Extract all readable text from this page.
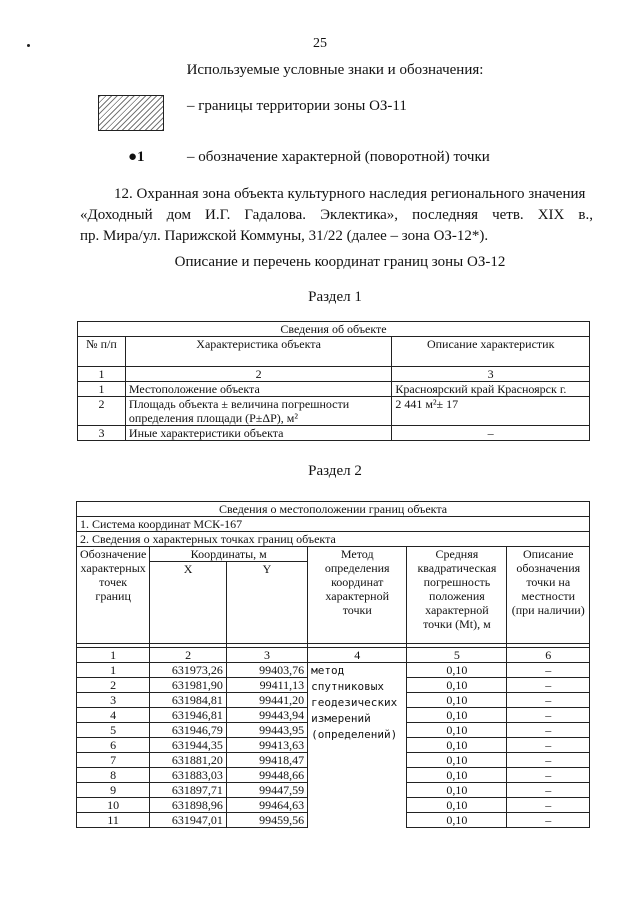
25
Используемые условные знаки и обозначения:
– границы территории зоны ОЗ-11
●1	– обозначение характерной (поворотной) точки
12. Охранная зона объекта культурного наследия регионального значения
«Доходный дом И.Г. Гадалова. Эклектика», последняя четв. XIX в.,
пр. Мира/ул. Парижской Коммуны, 31/22 (далее – зона ОЗ-12*).
Описание и перечень координат границ зоны ОЗ-12
Раздел 1
Сведения об объекте		
№ п/п	Характеристика объекта	Описание характеристик
1	2	3
1	Местоположение объекта	Красноярский край Красноярск г.
2	Площадь объекта ± величина погрешности определения площади (P±ΔP), м²	2 441 м²± 17
3	Иные характеристики объекта	–
Раздел 2
Сведения о местоположении границ объекта					
1. Система координат МСК-167					
2. Сведения о характерных точках границ объекта					
Обозначение характерных точек границ	Координаты, м		Метод определения координат характерной точки	Средняя квадратическая погрешность положения характерной точки (Mt), м	Описание обозначения точки на местности (при наличии)
	X	Y			

1	2	3	4	5	6
1	631973,26	99403,76	метод спутниковых геодезических измерений (определений)	0,10	–
2	631981,90	99411,13		0,10	–
3	631984,81	99441,20		0,10	–
4	631946,81	99443,94		0,10	–
5	631946,79	99443,95		0,10	–
6	631944,35	99413,63		0,10	–
7	631881,20	99418,47		0,10	–
8	631883,03	99448,66		0,10	–
9	631897,71	99447,59		0,10	–
10	631898,96	99464,63		0,10	–
11	631947,01	99459,56		0,10	–
